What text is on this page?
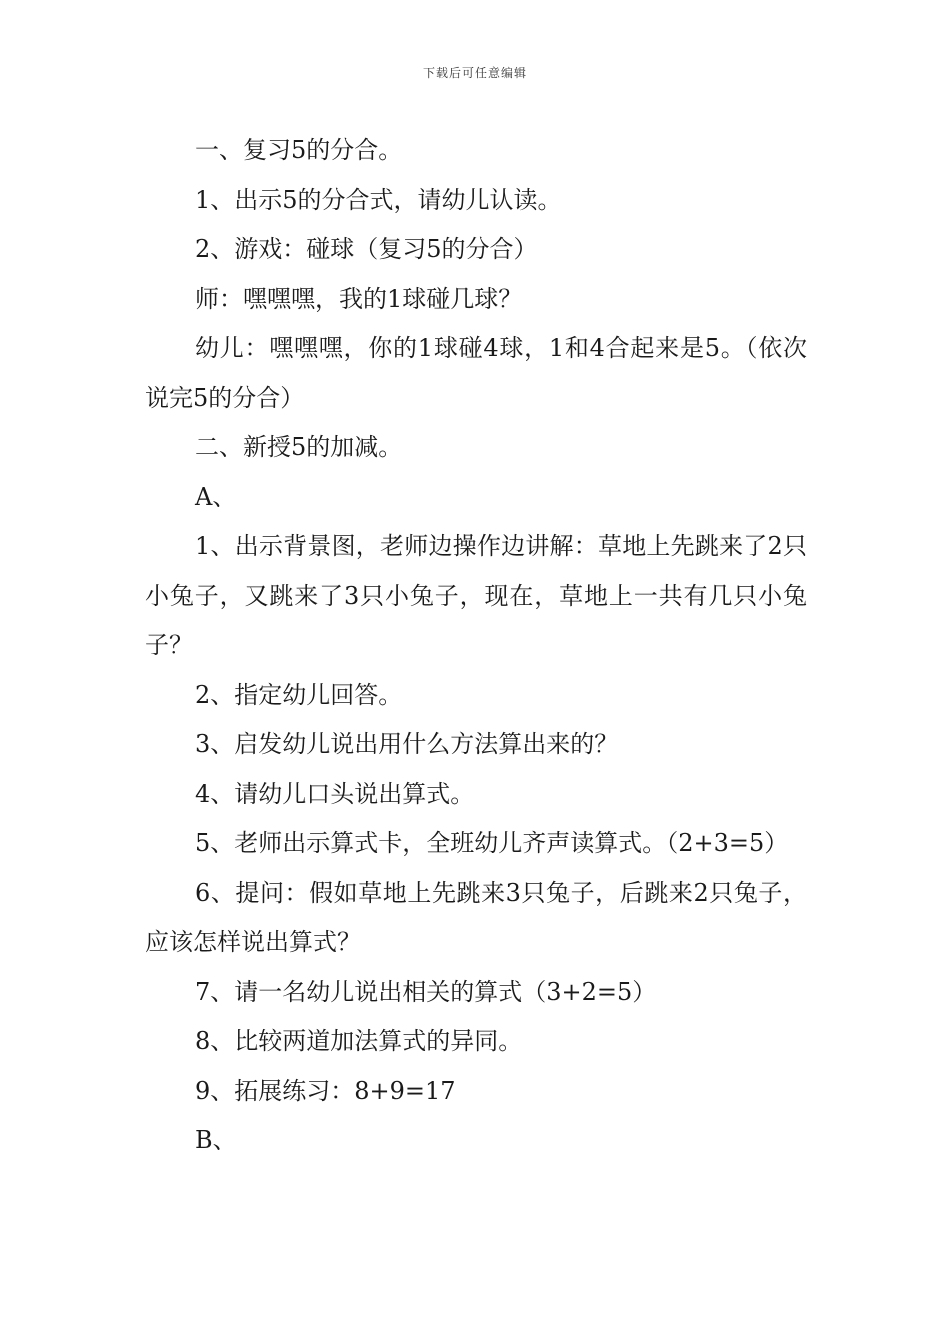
下载后可任意编辑

一、复习5的分合。

1、出示5的分合式，请幼儿认读。

2、游戏：碰球（复习5的分合）

师：嘿嘿嘿，我的1球碰几球？

幼儿：嘿嘿嘿，你的1球碰4球，1和4合起来是5。（依次说完5的分合）

二、新授5的加减。

A、

1、出示背景图，老师边操作边讲解：草地上先跳来了2只小兔子，又跳来了3只小兔子，现在，草地上一共有几只小兔子？

2、指定幼儿回答。

3、启发幼儿说出用什么方法算出来的？

4、请幼儿口头说出算式。

5、老师出示算式卡，全班幼儿齐声读算式。（2+3=5）

6、提问：假如草地上先跳来3只兔子，后跳来2只兔子，应该怎样说出算式？

7、请一名幼儿说出相关的算式（3+2=5）

8、比较两道加法算式的异同。

9、拓展练习：8+9=17

B、
